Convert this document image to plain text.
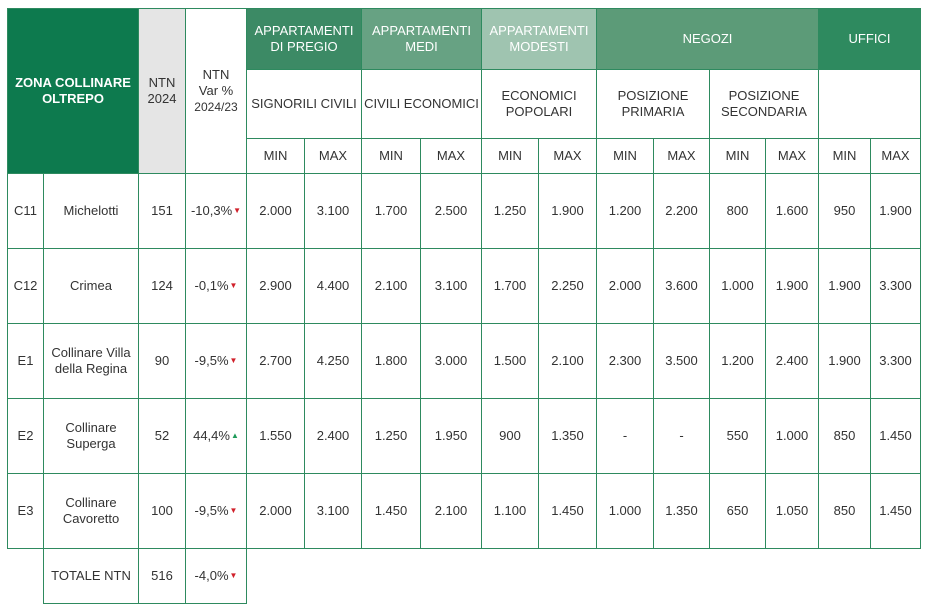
ZONA COLLINARE OLTREPO		NTN 2024	NTN
Var %
2024/23	APPARTAMENTI DI PREGIO		APPARTAMENTI MEDI		APPARTAMENTI MODESTI		NEGOZI				UFFICI	
				SIGNORILI CIVILI		CIVILI ECONOMICI		ECONOMICI POPOLARI		POSIZIONE PRIMARIA		POSIZIONE SECONDARIA			
				MIN	MAX	MIN	MAX	MIN	MAX	MIN	MAX	MIN	MAX	MIN	MAX
C11	Michelotti	151	-10,3%▼	2.000	3.100	1.700	2.500	1.250	1.900	1.200	2.200	800	1.600	950	1.900
C12	Crimea	124	-0,1%▼	2.900	4.400	2.100	3.100	1.700	2.250	2.000	3.600	1.000	1.900	1.900	3.300
E1	Collinare Villa della Regina	90	-9,5%▼	2.700	4.250	1.800	3.000	1.500	2.100	2.300	3.500	1.200	2.400	1.900	3.300
E2	Collinare Superga	52	44,4%▲	1.550	2.400	1.250	1.950	900	1.350	-	-	550	1.000	850	1.450
E3	Collinare Cavoretto	100	-9,5%▼	2.000	3.100	1.450	2.100	1.100	1.450	1.000	1.350	650	1.050	850	1.450
	TOTALE NTN	516	-4,0%▼												
